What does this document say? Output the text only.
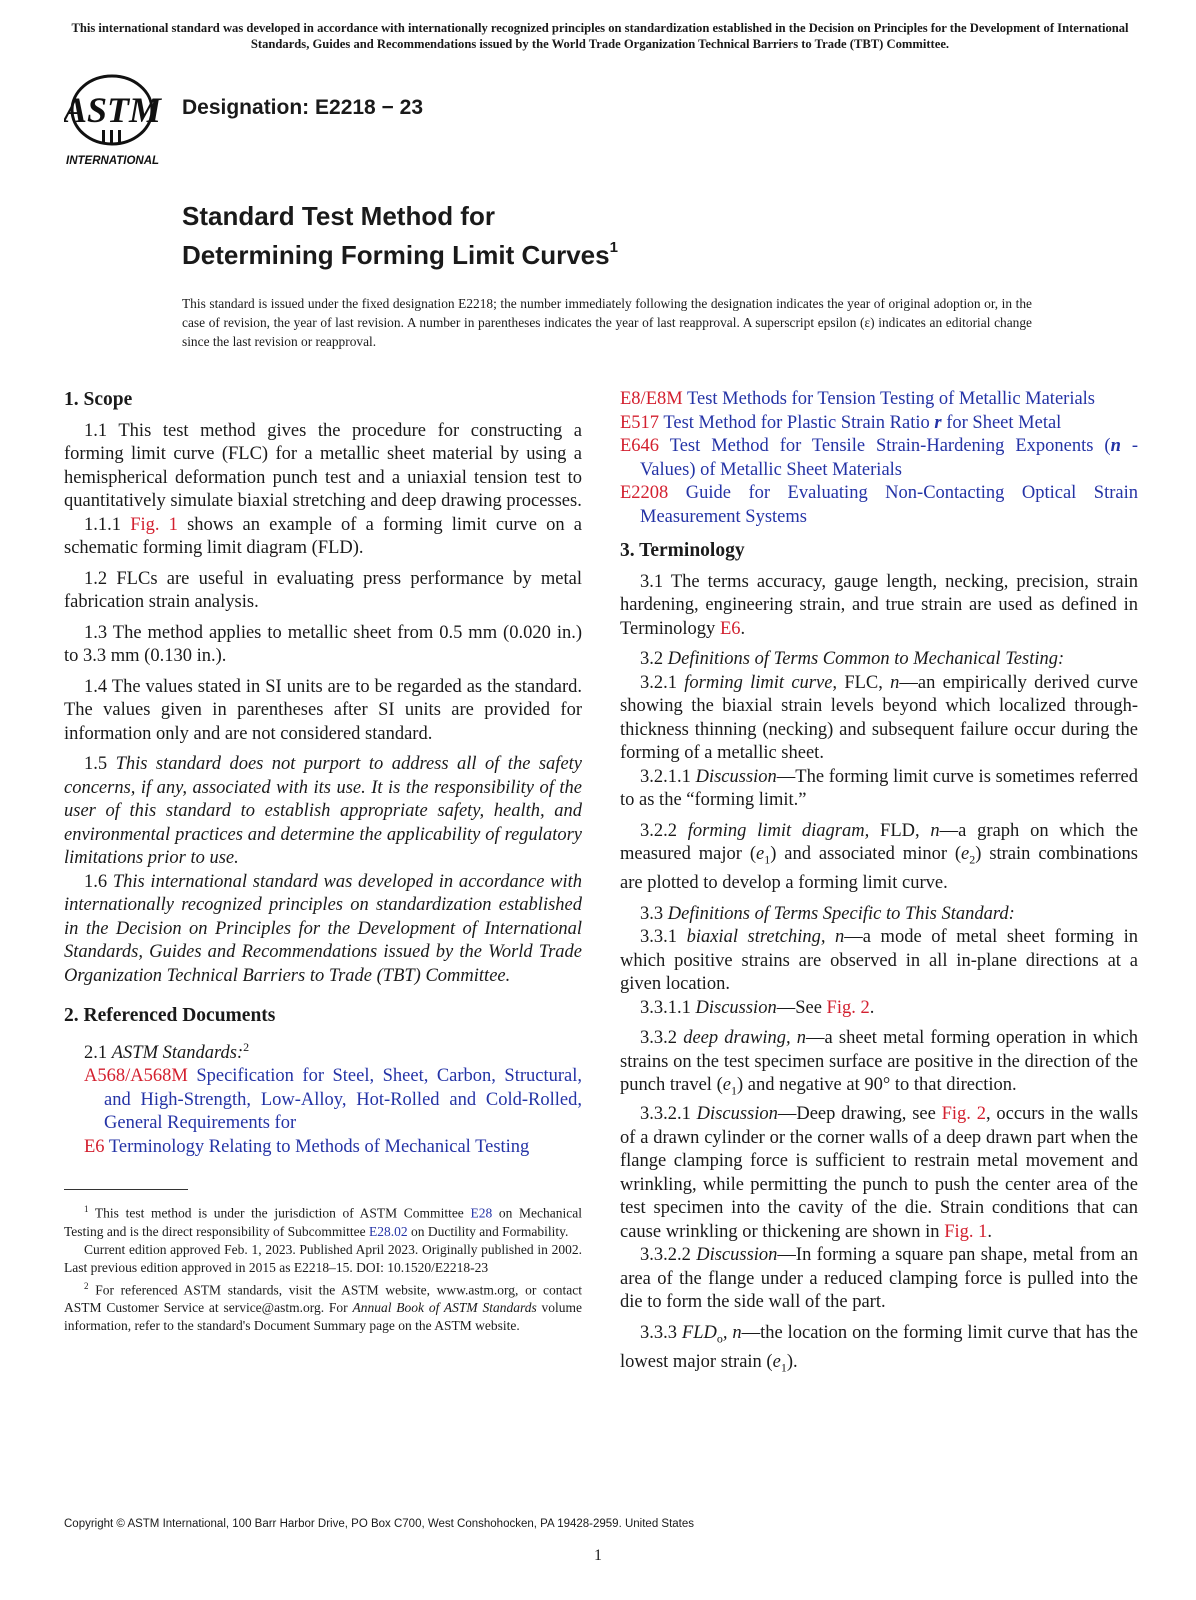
This international standard was developed in accordance with internationally recognized principles on standardization established in the Decision on Principles for the Development of International Standards, Guides and Recommendations issued by the World Trade Organization Technical Barriers to Trade (TBT) Committee.
ASTM
INTERNATIONAL
Designation: E2218 − 23
Standard Test Method for
Determining Forming Limit Curves$^1$
This standard is issued under the fixed designation E2218; the number immediately following the designation indicates the year of original adoption or, in the case of revision, the year of last revision. A number in parentheses indicates the year of last reapproval. A superscript epsilon (ε) indicates an editorial change since the last revision or reapproval.
1. Scope

1.1 This test method gives the procedure for constructing a forming limit curve (FLC) for a metallic sheet material by using a hemispherical deformation punch test and a uniaxial tension test to quantitatively simulate biaxial stretching and deep drawing processes.

1.1.1 Fig. 1 shows an example of a forming limit curve on a schematic forming limit diagram (FLD).

1.2 FLCs are useful in evaluating press performance by metal fabrication strain analysis.

1.3 The method applies to metallic sheet from 0.5 mm (0.020 in.) to 3.3 mm (0.130 in.).

1.4 The values stated in SI units are to be regarded as the standard. The values given in parentheses after SI units are provided for information only and are not considered standard.

1.5 This standard does not purport to address all of the safety concerns, if any, associated with its use. It is the responsibility of the user of this standard to establish appropriate safety, health, and environmental practices and determine the applicability of regulatory limitations prior to use.

1.6 This international standard was developed in accordance with internationally recognized principles on standardization established in the Decision on Principles for the Development of International Standards, Guides and Recommendations issued by the World Trade Organization Technical Barriers to Trade (TBT) Committee.

2. Referenced Documents

2.1 ASTM Standards:$^2$

A568/A568M Specification for Steel, Sheet, Carbon, Structural, and High-Strength, Low-Alloy, Hot-Rolled and Cold-Rolled, General Requirements for
E6 Terminology Relating to Methods of Mechanical Testing

$^1$ This test method is under the jurisdiction of ASTM Committee E28 on Mechanical Testing and is the direct responsibility of Subcommittee E28.02 on Ductility and Formability.

Current edition approved Feb. 1, 2023. Published April 2023. Originally published in 2002. Last previous edition approved in 2015 as E2218–15. DOI: 10.1520/E2218-23

$^2$ For referenced ASTM standards, visit the ASTM website, www.astm.org, or contact ASTM Customer Service at service@astm.org. For Annual Book of ASTM Standards volume information, refer to the standard's Document Summary page on the ASTM website.

E8/E8M Test Methods for Tension Testing of Metallic Materials
E517 Test Method for Plastic Strain Ratio r for Sheet Metal
E646 Test Method for Tensile Strain-Hardening Exponents (n -Values) of Metallic Sheet Materials
E2208 Guide for Evaluating Non-Contacting Optical Strain Measurement Systems
3. Terminology

3.1 The terms accuracy, gauge length, necking, precision, strain hardening, engineering strain, and true strain are used as defined in Terminology E6.

3.2 Definitions of Terms Common to Mechanical Testing:

3.2.1 forming limit curve, FLC, n—an empirically derived curve showing the biaxial strain levels beyond which localized through-thickness thinning (necking) and subsequent failure occur during the forming of a metallic sheet.

3.2.1.1 Discussion—The forming limit curve is sometimes referred to as the “forming limit.”

3.2.2 forming limit diagram, FLD, n—a graph on which the measured major $(e_1)$ and associated minor $(e_2)$ strain combinations are plotted to develop a forming limit curve.

3.3 Definitions of Terms Specific to This Standard:

3.3.1 biaxial stretching, n—a mode of metal sheet forming in which positive strains are observed in all in-plane directions at a given location.

3.3.1.1 Discussion—See Fig. 2.

3.3.2 deep drawing, n—a sheet metal forming operation in which strains on the test specimen surface are positive in the direction of the punch travel $(e_1)$ and negative at 90° to that direction.

3.3.2.1 Discussion—Deep drawing, see Fig. 2, occurs in the walls of a drawn cylinder or the corner walls of a deep drawn part when the flange clamping force is sufficient to restrain metal movement and wrinkling, while permitting the punch to push the center area of the test specimen into the cavity of the die. Strain conditions that can cause wrinkling or thickening are shown in Fig. 1.

3.3.2.2 Discussion—In forming a square pan shape, metal from an area of the flange under a reduced clamping force is pulled into the die to form the side wall of the part.

3.3.3 $FLD_o$, n—the location on the forming limit curve that has the lowest major strain $(e_1)$.

Copyright © ASTM International, 100 Barr Harbor Drive, PO Box C700, West Conshohocken, PA 19428-2959. United States
1
